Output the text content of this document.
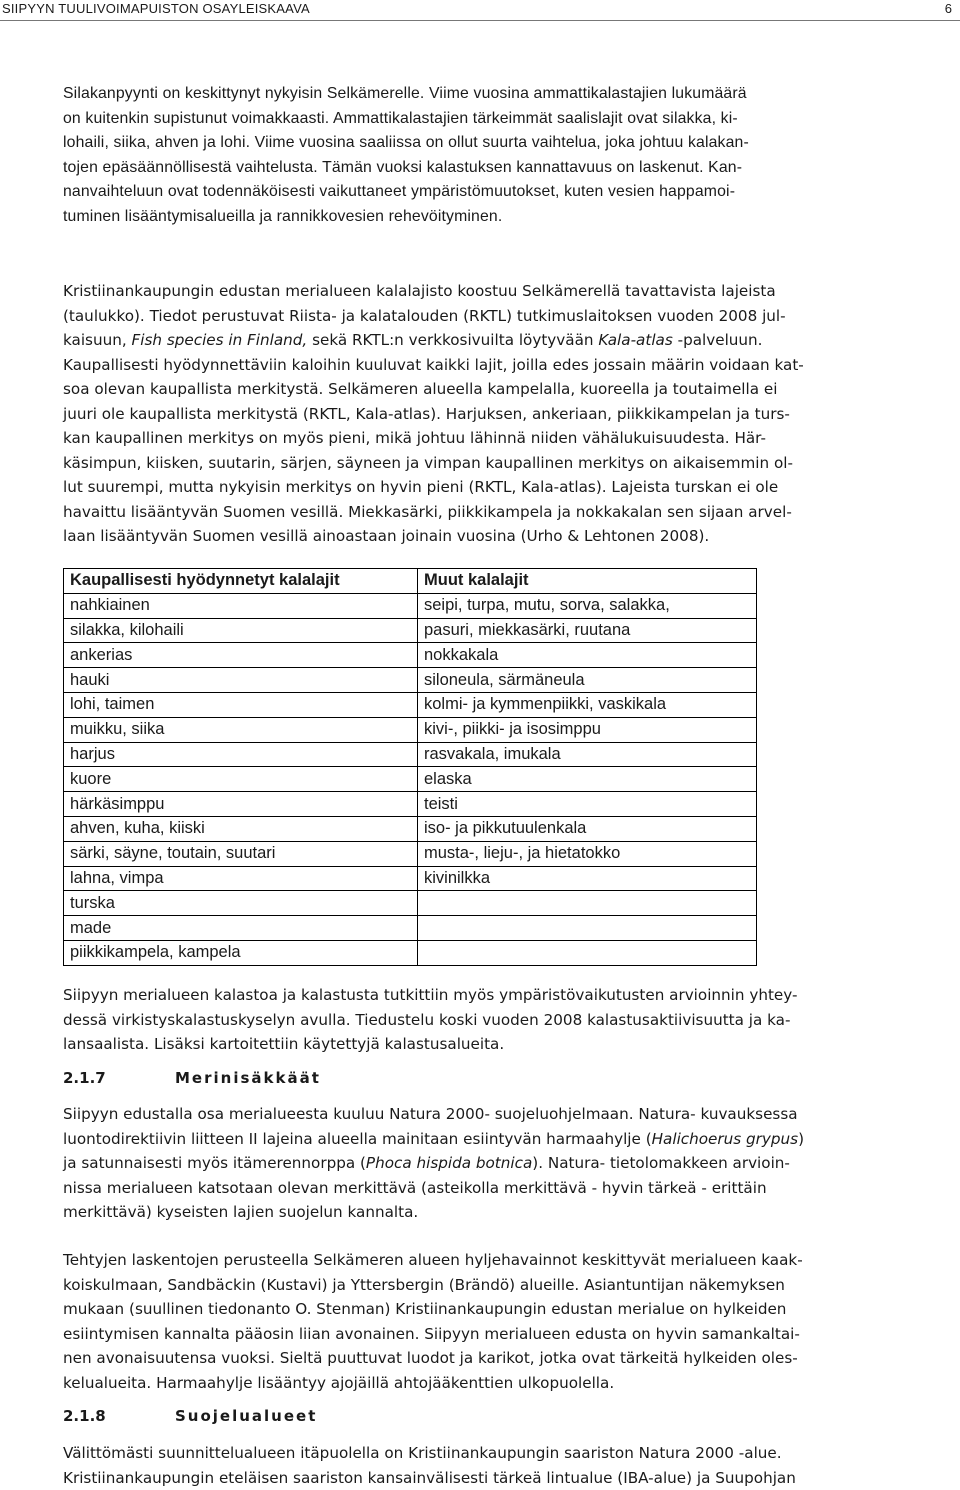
SIIPYYN TUULIVOIMAPUISTON OSAYLEISKAAVA	6
Silakanpyynti on keskittynyt nykyisin Selkämerelle. Viime vuosina ammattikalastajien lukumäärä
on kuitenkin supistunut voimakkaasti. Ammattikalastajien tärkeimmät saalislajit ovat silakka, ki-
lohaili, siika, ahven ja lohi. Viime vuosina saaliissa on ollut suurta vaihtelua, joka johtuu kalakan-
tojen epäsäännöllisestä vaihtelusta. Tämän vuoksi kalastuksen kannattavuus on laskenut. Kan-
nanvaihteluun ovat todennäköisesti vaikuttaneet ympäristömuutokset, kuten vesien happamoi-
tuminen lisääntymisalueilla ja rannikkovesien rehevöityminen.
Kristiinankaupungin edustan merialueen kalalajisto koostuu Selkämerellä tavattavista lajeista
(taulukko). Tiedot perustuvat Riista- ja kalatalouden (RKTL) tutkimuslaitoksen vuoden 2008 jul-
kaisuun, Fish species in Finland, sekä RKTL:n verkkosivuilta löytyvään Kala-atlas -palveluun.
Kaupallisesti hyödynnettäviin kaloihin kuuluvat kaikki lajit, joilla edes jossain määrin voidaan kat-
soa olevan kaupallista merkitystä. Selkämeren alueella kampelalla, kuoreella ja toutaimella ei
juuri ole kaupallista merkitystä (RKTL, Kala-atlas). Harjuksen, ankeriaan, piikkikampelan ja turs-
kan kaupallinen merkitys on myös pieni, mikä johtuu lähinnä niiden vähälukuisuudesta. Här-
käsimpun, kiisken, suutarin, särjen, säyneen ja vimpan kaupallinen merkitys on aikaisemmin ol-
lut suurempi, mutta nykyisin merkitys on hyvin pieni (RKTL, Kala-atlas). Lajeista turskan ei ole
havaittu lisääntyvän Suomen vesillä. Miekkasärki, piikkikampela ja nokkakalan sen sijaan arvel-
laan lisääntyvän Suomen vesillä ainoastaan joinain vuosina (Urho & Lehtonen 2008).
Kaupallisesti hyödynnetyt kalalajit	Muut kalalajit
nahkiainen	seipi, turpa, mutu, sorva, salakka,
silakka, kilohaili	pasuri, miekkasärki, ruutana
ankerias	nokkakala
hauki	siloneula, särmäneula
lohi, taimen	kolmi- ja kymmenpiikki, vaskikala
muikku, siika	kivi-, piikki- ja isosimppu
harjus	rasvakala, imukala
kuore	elaska
härkäsimppu	teisti
ahven, kuha, kiiski	iso- ja pikkutuulenkala
särki, säyne, toutain, suutari	musta-, lieju-, ja hietatokko
lahna, vimpa	kivinilkka
turska	
made	
piikkikampela, kampela	
Siipyyn merialueen kalastoa ja kalastusta tutkittiin myös ympäristövaikutusten arvioinnin yhtey-
dessä virkistyskalastuskyselyn avulla. Tiedustelu koski vuoden 2008 kalastusaktiivisuutta ja ka-
lansaalista. Lisäksi kartoitettiin käytettyjä kalastusalueita.
2.1.7	Merinisäkkäät
Siipyyn edustalla osa merialueesta kuuluu Natura 2000- suojeluohjelmaan. Natura- kuvauksessa
luontodirektiivin liitteen II lajeina alueella mainitaan esiintyvän harmaahylje (Halichoerus grypus)
ja satunnaisesti myös itämerennorppa (Phoca hispida botnica). Natura- tietolomakkeen arvioin-
nissa merialueen katsotaan olevan merkittävä (asteikolla merkittävä - hyvin tärkeä - erittäin
merkittävä) kyseisten lajien suojelun kannalta.
Tehtyjen laskentojen perusteella Selkämeren alueen hyljehavainnot keskittyvät merialueen kaak-
koiskulmaan, Sandbäckin (Kustavi) ja Yttersbergin (Brändö) alueille. Asiantuntijan näkemyksen
mukaan (suullinen tiedonanto O. Stenman) Kristiinankaupungin edustan merialue on hylkeiden
esiintymisen kannalta pääosin liian avonainen. Siipyyn merialueen edusta on hyvin samankaltai-
nen avonaisuutensa vuoksi. Sieltä puuttuvat luodot ja karikot, jotka ovat tärkeitä hylkeiden oles-
kelualueita. Harmaahylje lisääntyy ajojäillä ahtojääkenttien ulkopuolella.
2.1.8	Suojelualueet
Välittömästi suunnittelualueen itäpuolella on Kristiinankaupungin saariston Natura 2000 -alue.
Kristiinankaupungin eteläisen saariston kansainvälisesti tärkeä lintualue (IBA-alue) ja Suupohjan
